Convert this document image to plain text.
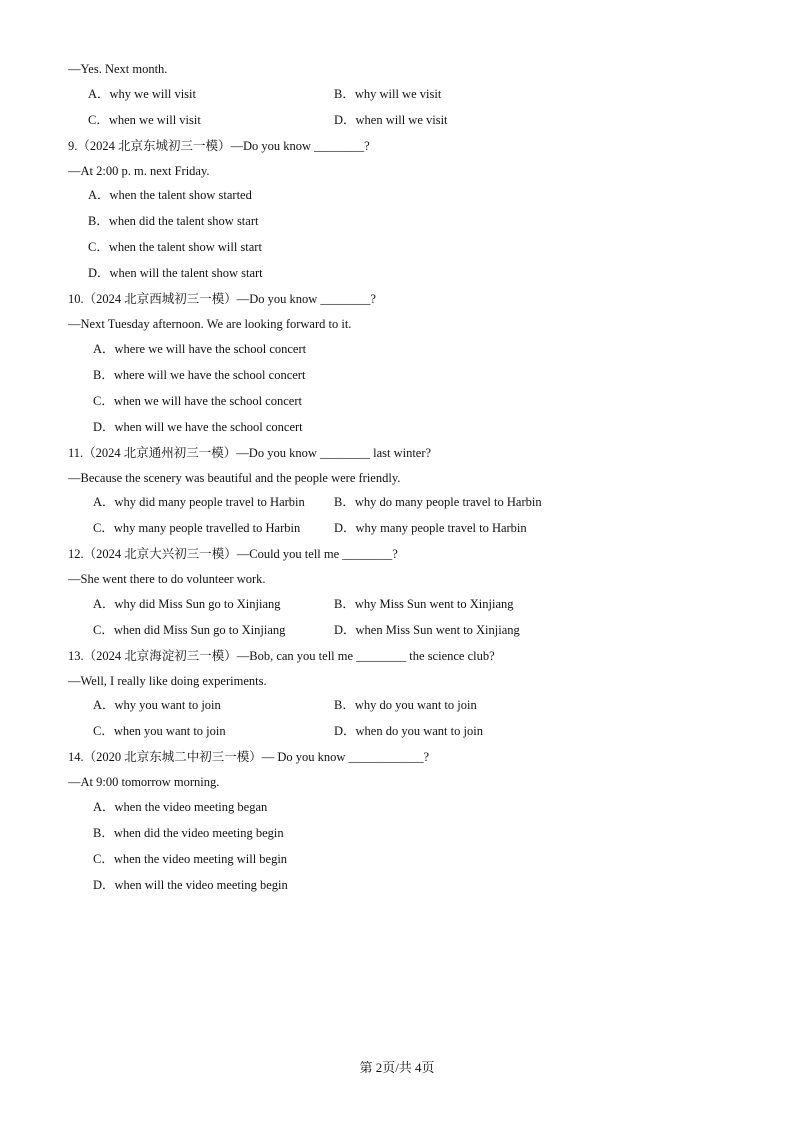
—Yes. Next month.
A．why we will visit	B．why will we visit
C．when we will visit	D．when will we visit
9.（2024 北京东城初三一模）—Do you know ________?
—At 2:00 p. m. next Friday.
A．when the talent show started
B．when did the talent show start
C．when the talent show will start
D．when will the talent show start
10.（2024 北京西城初三一模）—Do you know ________?
—Next Tuesday afternoon. We are looking forward to it.
A．where we will have the school concert
B．where will we have the school concert
C．when we will have the school concert
D．when will we have the school concert
11.（2024 北京通州初三一模）—Do you know ________ last winter?
—Because the scenery was beautiful and the people were friendly.
A．why did many people travel to Harbin B．why do many people travel to Harbin
C．why many people travelled to Harbin	D．why many people travel to Harbin
12.（2024 北京大兴初三一模）—Could you tell me ________?
—She went there to do volunteer work.
A．why did Miss Sun go to Xinjiang	B．why Miss Sun went to Xinjiang
C．when did Miss Sun go to Xinjiang	D．when Miss Sun went to Xinjiang
13.（2024 北京海淀初三一模）—Bob, can you tell me ________ the science club?
—Well, I really like doing experiments.
A．why you want to join	B．why do you want to join
C．when you want to join	D．when do you want to join
14.（2020 北京东城二中初三一模）— Do you know ____________?
—At 9:00 tomorrow morning.
A．when the video meeting began
B．when did the video meeting begin
C．when the video meeting will begin
D．when will the video meeting begin
第 2页/共 4页
